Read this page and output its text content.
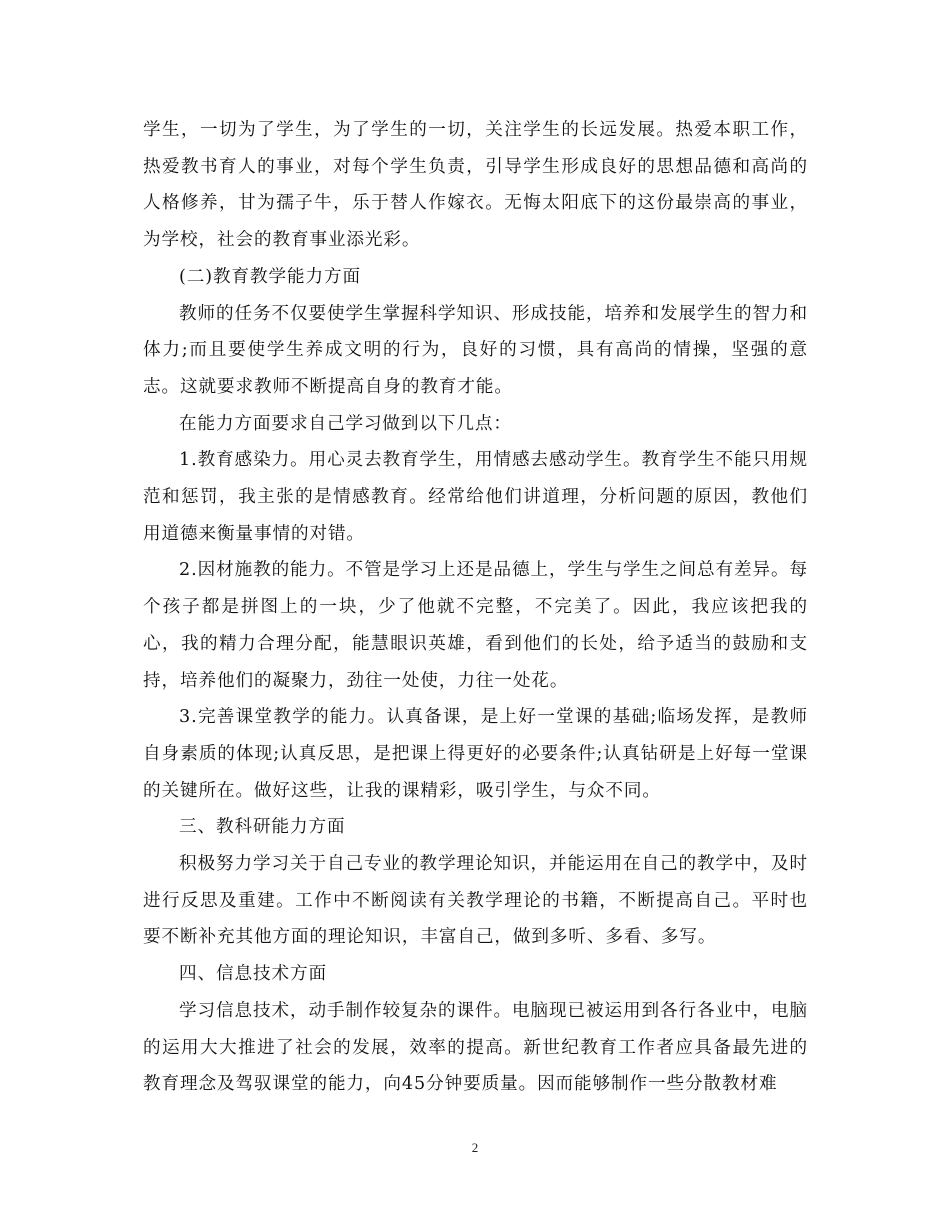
学生，一切为了学生，为了学生的一切，关注学生的长远发展。热爱本职工作，热爱教书育人的事业，对每个学生负责，引导学生形成良好的思想品德和高尚的人格修养，甘为孺子牛，乐于替人作嫁衣。无悔太阳底下的这份最崇高的事业，为学校，社会的教育事业添光彩。

(二)教育教学能力方面

教师的任务不仅要使学生掌握科学知识、形成技能，培养和发展学生的智力和体力;而且要使学生养成文明的行为，良好的习惯，具有高尚的情操，坚强的意志。这就要求教师不断提高自身的教育才能。

在能力方面要求自己学习做到以下几点：

1.教育感染力。用心灵去教育学生，用情感去感动学生。教育学生不能只用规范和惩罚，我主张的是情感教育。经常给他们讲道理，分析问题的原因，教他们用道德来衡量事情的对错。

2.因材施教的能力。不管是学习上还是品德上，学生与学生之间总有差异。每个孩子都是拼图上的一块，少了他就不完整，不完美了。因此，我应该把我的心，我的精力合理分配，能慧眼识英雄，看到他们的长处，给予适当的鼓励和支持，培养他们的凝聚力，劲往一处使，力往一处花。

3.完善课堂教学的能力。认真备课，是上好一堂课的基础;临场发挥，是教师自身素质的体现;认真反思，是把课上得更好的必要条件;认真钻研是上好每一堂课的关键所在。做好这些，让我的课精彩，吸引学生，与众不同。

三、教科研能力方面

积极努力学习关于自己专业的教学理论知识，并能运用在自己的教学中，及时进行反思及重建。工作中不断阅读有关教学理论的书籍，不断提高自己。平时也要不断补充其他方面的理论知识，丰富自己，做到多听、多看、多写。

四、信息技术方面

学习信息技术，动手制作较复杂的课件。电脑现已被运用到各行各业中，电脑的运用大大推进了社会的发展，效率的提高。新世纪教育工作者应具备最先进的教育理念及驾驭课堂的能力，向45分钟要质量。因而能够制作一些分散教材难

2
